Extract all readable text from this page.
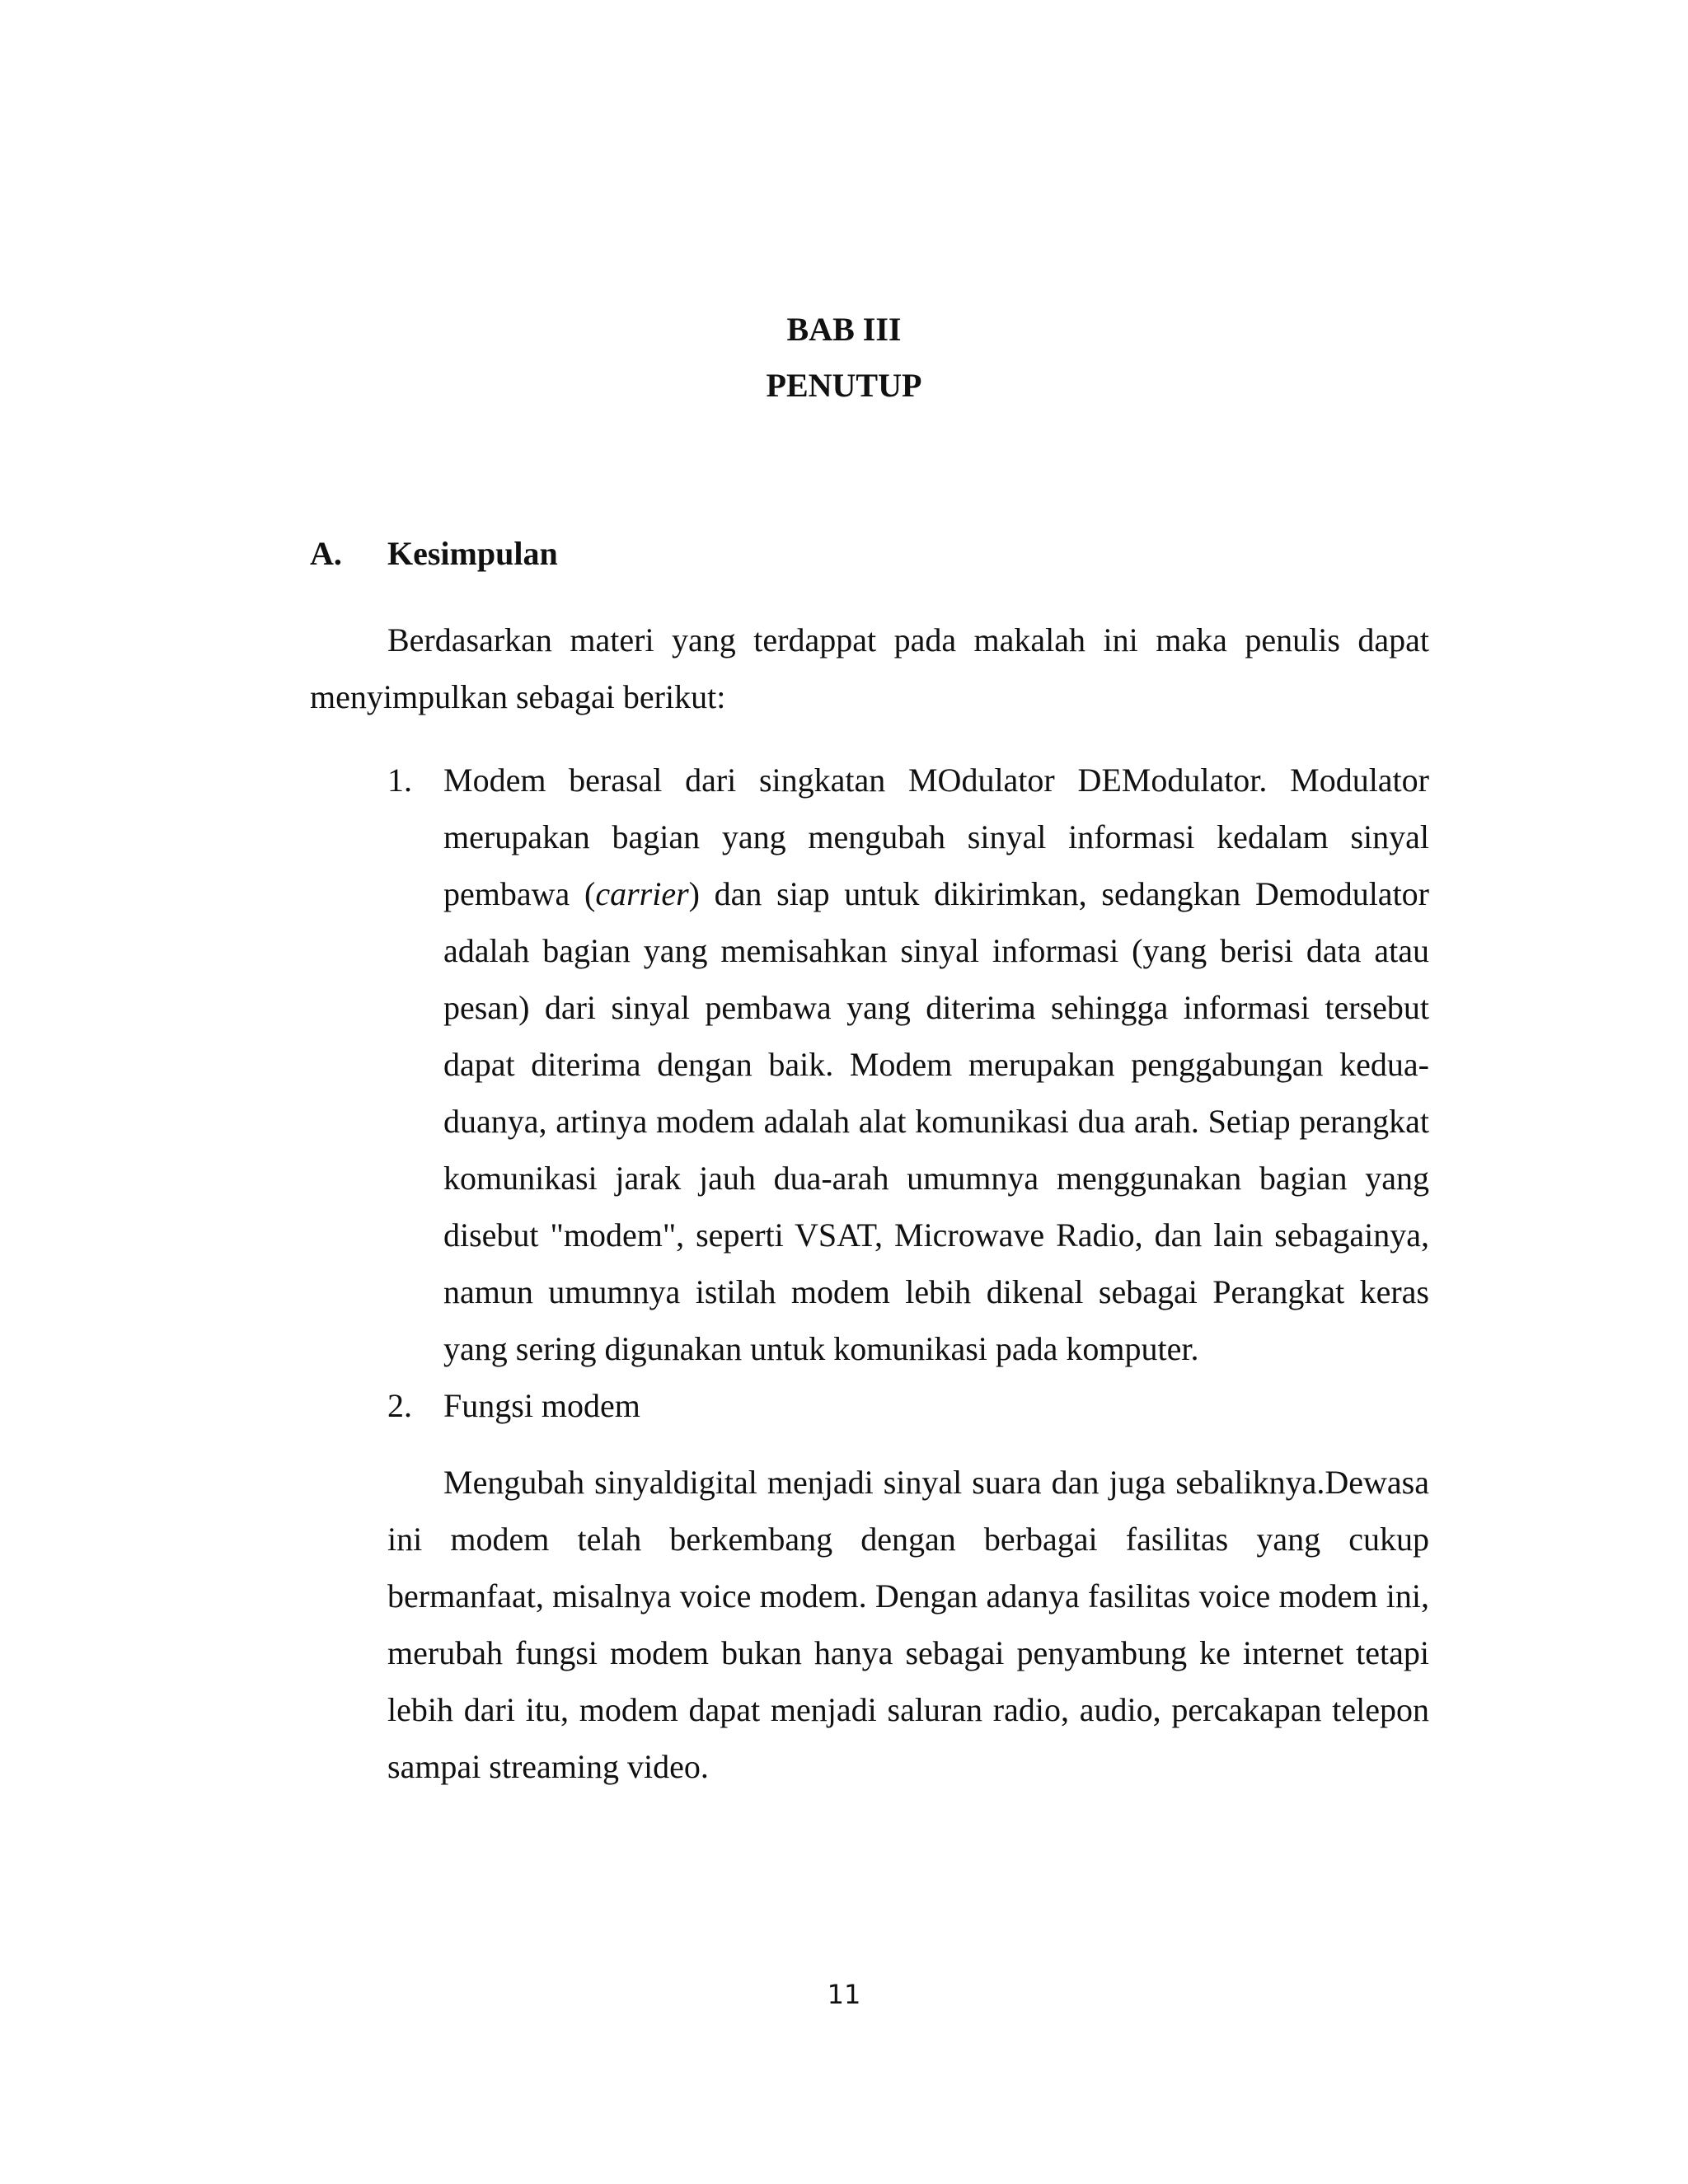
BAB III
PENUTUP
A. Kesimpulan

Berdasarkan materi yang terdappat pada makalah ini maka penulis dapat menyimpulkan sebagai berikut:

1. Modem berasal dari singkatan MOdulator DEModulator. Modulator merupakan bagian yang mengubah sinyal informasi kedalam sinyal pembawa (carrier) dan siap untuk dikirimkan, sedangkan Demodulator adalah bagian yang memisahkan sinyal informasi (yang berisi data atau pesan) dari sinyal pembawa yang diterima sehingga informasi tersebut dapat diterima dengan baik. Modem merupakan penggabungan kedua-duanya, artinya modem adalah alat komunikasi dua arah. Setiap perangkat komunikasi jarak jauh dua-arah umumnya menggunakan bagian yang disebut "modem", seperti VSAT, Microwave Radio, dan lain sebagainya, namun umumnya istilah modem lebih dikenal sebagai Perangkat keras yang sering digunakan untuk komunikasi pada komputer.
2. Fungsi modem

Mengubah sinyaldigital menjadi sinyal suara dan juga sebaliknya.Dewasa ini modem telah berkembang dengan berbagai fasilitas yang cukup bermanfaat, misalnya voice modem. Dengan adanya fasilitas voice modem ini, merubah fungsi modem bukan hanya sebagai penyambung ke internet tetapi lebih dari itu, modem dapat menjadi saluran radio, audio, percakapan telepon sampai streaming video.

11
